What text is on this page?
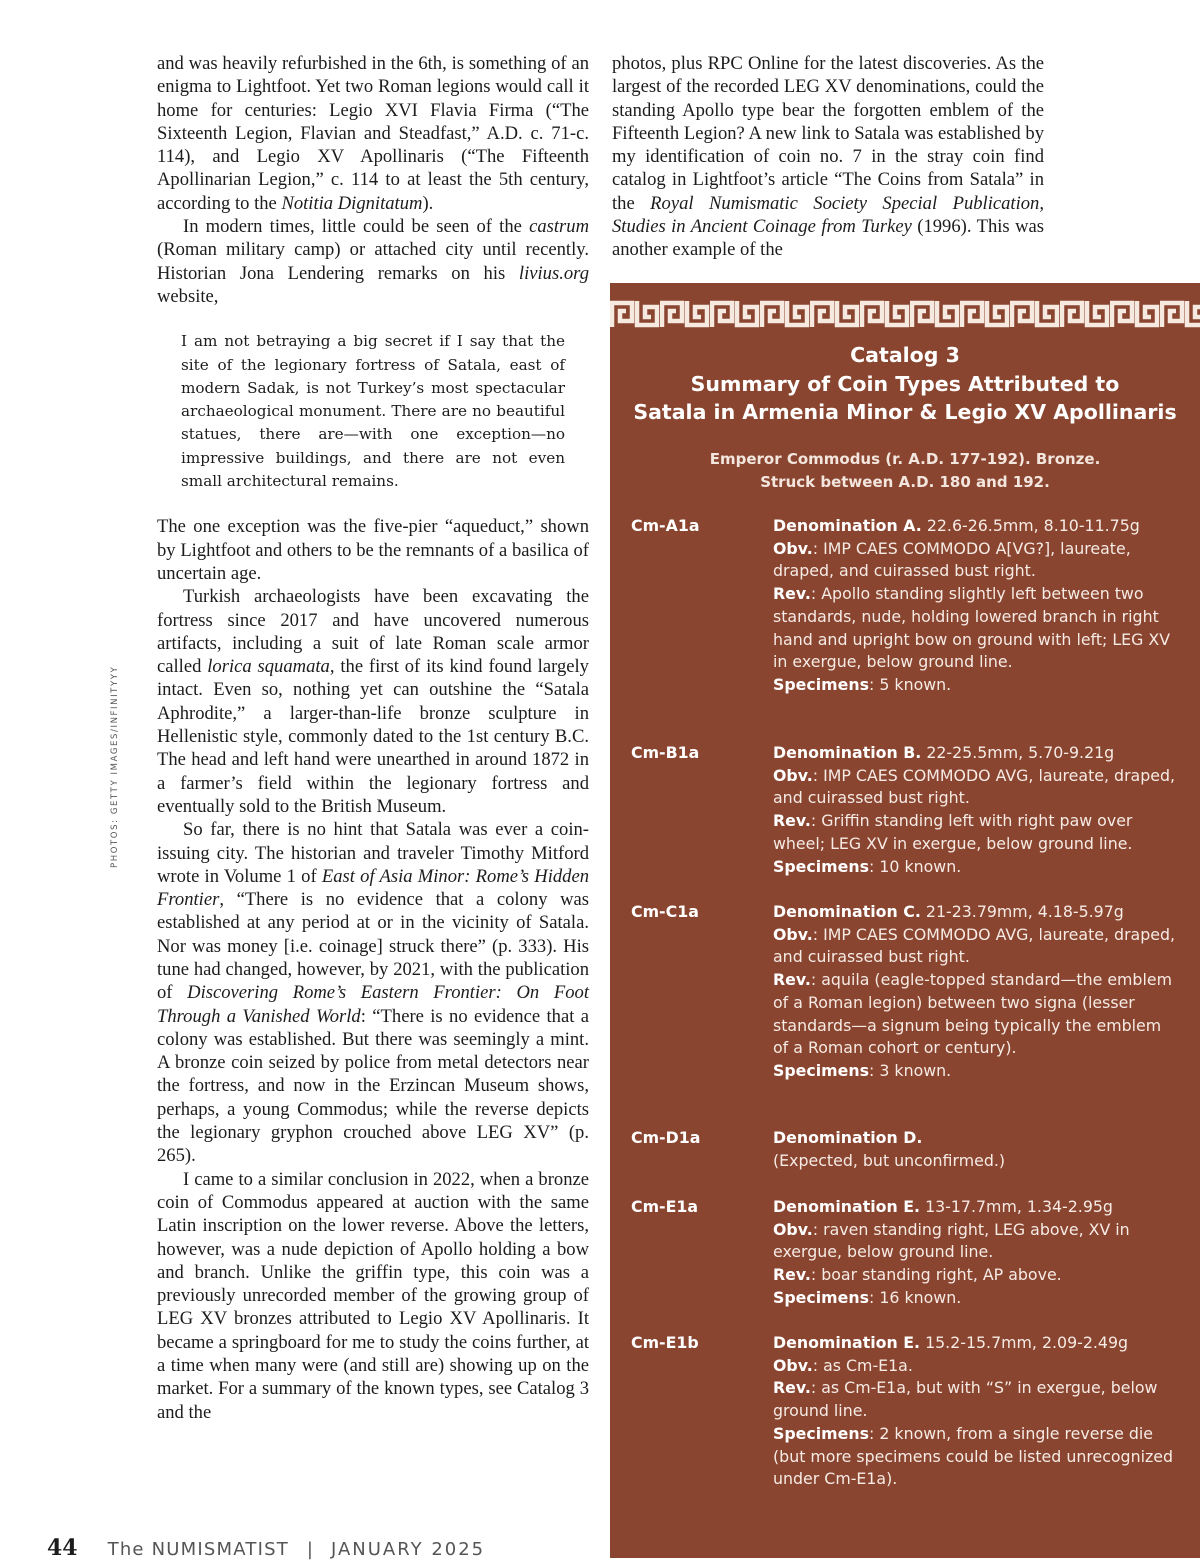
and was heavily refurbished in the 6th, is something of an enigma to Lightfoot. Yet two Roman legions would call it home for centuries: Legio XVI Flavia Firma (“The Sixteenth Legion, Flavian and Steadfast,” A.D. c. 71-c. 114), and Legio XV Apollinaris (“The Fifteenth Apollinarian Legion,” c. 114 to at least the 5th century, according to the Notitia Dignitatum).

In modern times, little could be seen of the castrum (Roman military camp) or attached city until recently. Historian Jona Lendering remarks on his livius.org website,

I am not betraying a big secret if I say that the site of the legionary fortress of Satala, east of modern Sadak, is not Turkey’s most spectacular archaeological monument. There are no beautiful statues, there are—with one exception—no impressive buildings, and there are not even small architectural remains.

The one exception was the five-pier “aqueduct,” shown by Lightfoot and others to be the remnants of a basilica of uncertain age.

Turkish archaeologists have been excavating the fortress since 2017 and have uncovered numerous artifacts, including a suit of late Roman scale armor called lorica squamata, the first of its kind found largely intact. Even so, nothing yet can outshine the “Satala Aphrodite,” a larger-than-life bronze sculpture in Hellenistic style, commonly dated to the 1st century B.C. The head and left hand were unearthed in around 1872 in a farmer’s field within the legionary fortress and eventually sold to the British Museum.

So far, there is no hint that Satala was ever a coin-issuing city. The historian and traveler Timothy Mitford wrote in Volume 1 of East of Asia Minor: Rome’s Hidden Frontier, “There is no evidence that a colony was established at any period at or in the vicinity of Satala. Nor was money [i.e. coinage] struck there” (p. 333). His tune had changed, however, by 2021, with the publication of Discovering Rome’s Eastern Frontier: On Foot Through a Vanished World: “There is no evidence that a colony was established. But there was seemingly a mint. A bronze coin seized by police from metal detectors near the fortress, and now in the Erzincan Museum shows, perhaps, a young Commodus; while the reverse depicts the legionary gryphon crouched above LEG XV” (p. 265).

I came to a similar conclusion in 2022, when a bronze coin of Commodus appeared at auction with the same Latin inscription on the lower reverse. Above the letters, however, was a nude depiction of Apollo holding a bow and branch. Unlike the griffin type, this coin was a previously unrecorded member of the growing group of LEG XV bronzes attributed to Legio XV Apollinaris. It became a springboard for me to study the coins further, at a time when many were (and still are) showing up on the market. For a summary of the known types, see Catalog 3 and the

photos, plus RPC Online for the latest discoveries. As the largest of the recorded LEG XV denominations, could the standing Apollo type bear the forgotten emblem of the Fifteenth Legion? A new link to Satala was established by my identification of coin no. 7 in the stray coin find catalog in Lightfoot’s article “The Coins from Satala” in the Royal Numismatic Society Special Publication, Studies in Ancient Coinage from Turkey (1996). This was another example of the

Catalog 3
Summary of Coin Types Attributed to
Satala in Armenia Minor & Legio XV Apollinaris
Emperor Commodus (r. A.D. 177-192). Bronze.
Struck between A.D. 180 and 192.
Cm-A1a	Denomination A. 22.6-26.5mm, 8.10-11.75g
Obv.: IMP CAES COMMODO A[VG?], laureate, draped, and cuirassed bust right.
Rev.: Apollo standing slightly left between two standards, nude, holding lowered branch in right hand and upright bow on ground with left; LEG XV in exergue, below ground line.
Specimens: 5 known.
Cm-B1a	Denomination B. 22-25.5mm, 5.70-9.21g
Obv.: IMP CAES COMMODO AVG, laureate, draped, and cuirassed bust right.
Rev.: Griffin standing left with right paw over wheel; LEG XV in exergue, below ground line.
Specimens: 10 known.
Cm-C1a	Denomination C. 21-23.79mm, 4.18-5.97g
Obv.: IMP CAES COMMODO AVG, laureate, draped, and cuirassed bust right.
Rev.: aquila (eagle-topped standard—the emblem of a Roman legion) between two signa (lesser standards—a signum being typically the emblem of a Roman cohort or century).
Specimens: 3 known.
Cm-D1a	Denomination D.
(Expected, but unconfirmed.)
Cm-E1a	Denomination E. 13-17.7mm, 1.34-2.95g
Obv.: raven standing right, LEG above, XV in exergue, below ground line.
Rev.: boar standing right, AP above.
Specimens: 16 known.
Cm-E1b	Denomination E. 15.2-15.7mm, 2.09-2.49g
Obv.: as Cm-E1a.
Rev.: as Cm-E1a, but with “S” in exergue, below ground line.
Specimens: 2 known, from a single reverse die (but more specimens could be listed unrecognized under Cm-E1a).
PHOTOS: GETTY IMAGES/INFINITYYY
44 The NUMISMATIST | JANUARY 2025
